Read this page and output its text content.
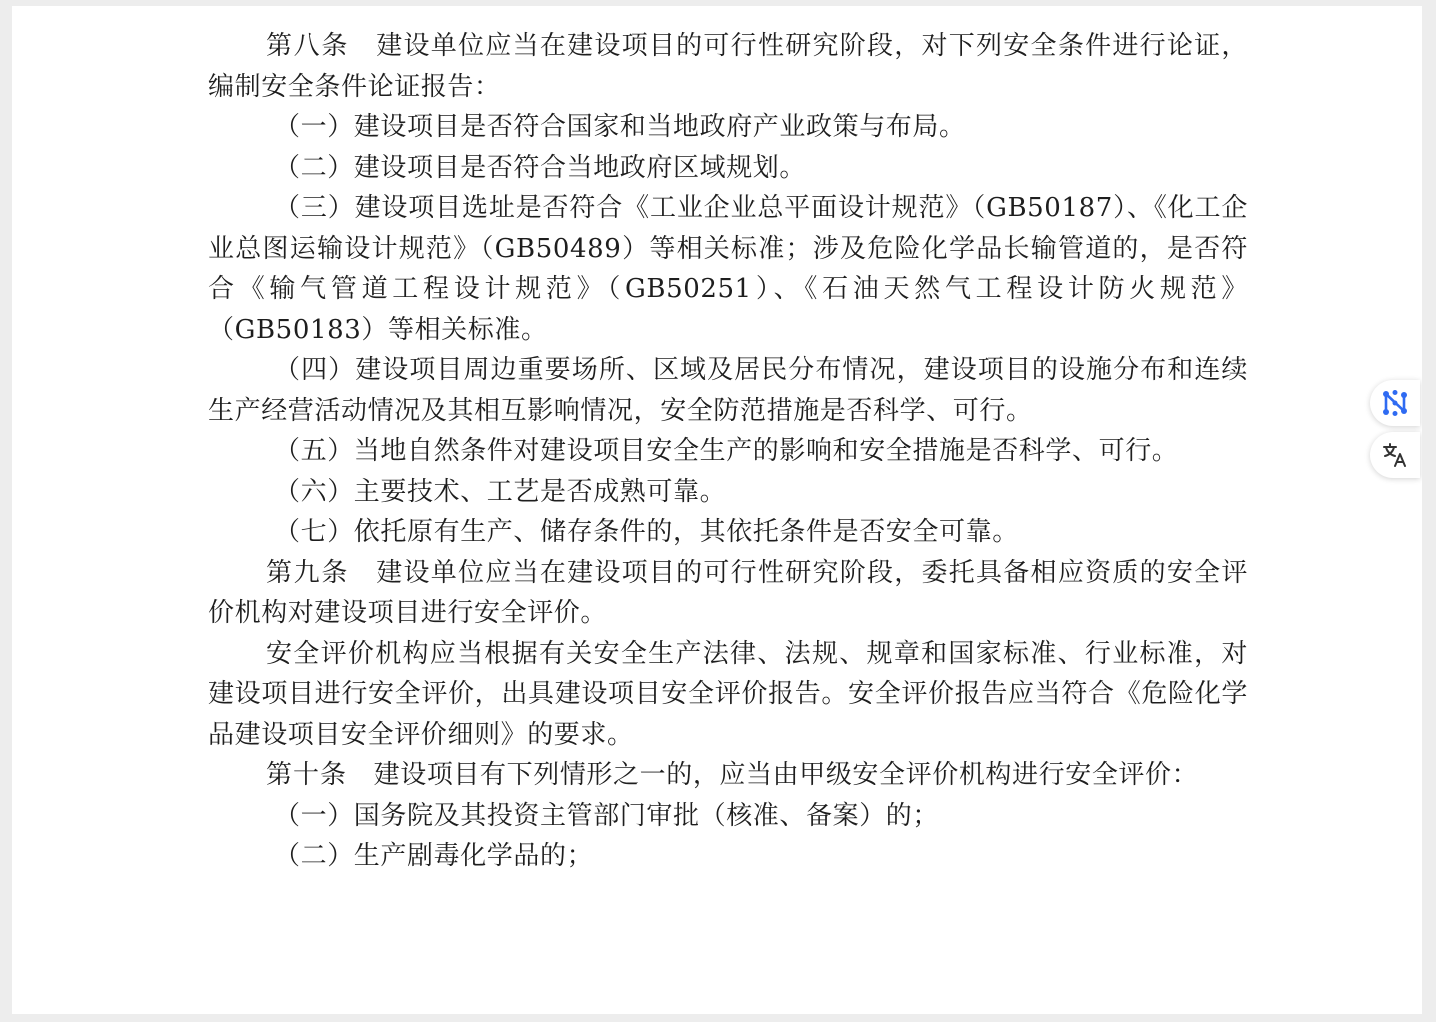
第八条  建设单位应当在建设项目的可行性研究阶段，对下列安全条件进行论证，编制安全条件论证报告：

（一）建设项目是否符合国家和当地政府产业政策与布局。

（二）建设项目是否符合当地政府区域规划。

（三）建设项目选址是否符合《工业企业总平面设计规范》（GB50187）、《化工企业总图运输设计规范》（GB50489）等相关标准；涉及危险化学品长输管道的，是否符合《输气管道工程设计规范》（GB50251）、《石油天然气工程设计防火规范》（GB50183）等相关标准。

（四）建设项目周边重要场所、区域及居民分布情况，建设项目的设施分布和连续生产经营活动情况及其相互影响情况，安全防范措施是否科学、可行。

（五）当地自然条件对建设项目安全生产的影响和安全措施是否科学、可行。

（六）主要技术、工艺是否成熟可靠。

（七）依托原有生产、储存条件的，其依托条件是否安全可靠。

第九条  建设单位应当在建设项目的可行性研究阶段，委托具备相应资质的安全评价机构对建设项目进行安全评价。

安全评价机构应当根据有关安全生产法律、法规、规章和国家标准、行业标准，对建设项目进行安全评价，出具建设项目安全评价报告。安全评价报告应当符合《危险化学品建设项目安全评价细则》的要求。

第十条  建设项目有下列情形之一的，应当由甲级安全评价机构进行安全评价：

（一）国务院及其投资主管部门审批（核准、备案）的；

（二）生产剧毒化学品的；
